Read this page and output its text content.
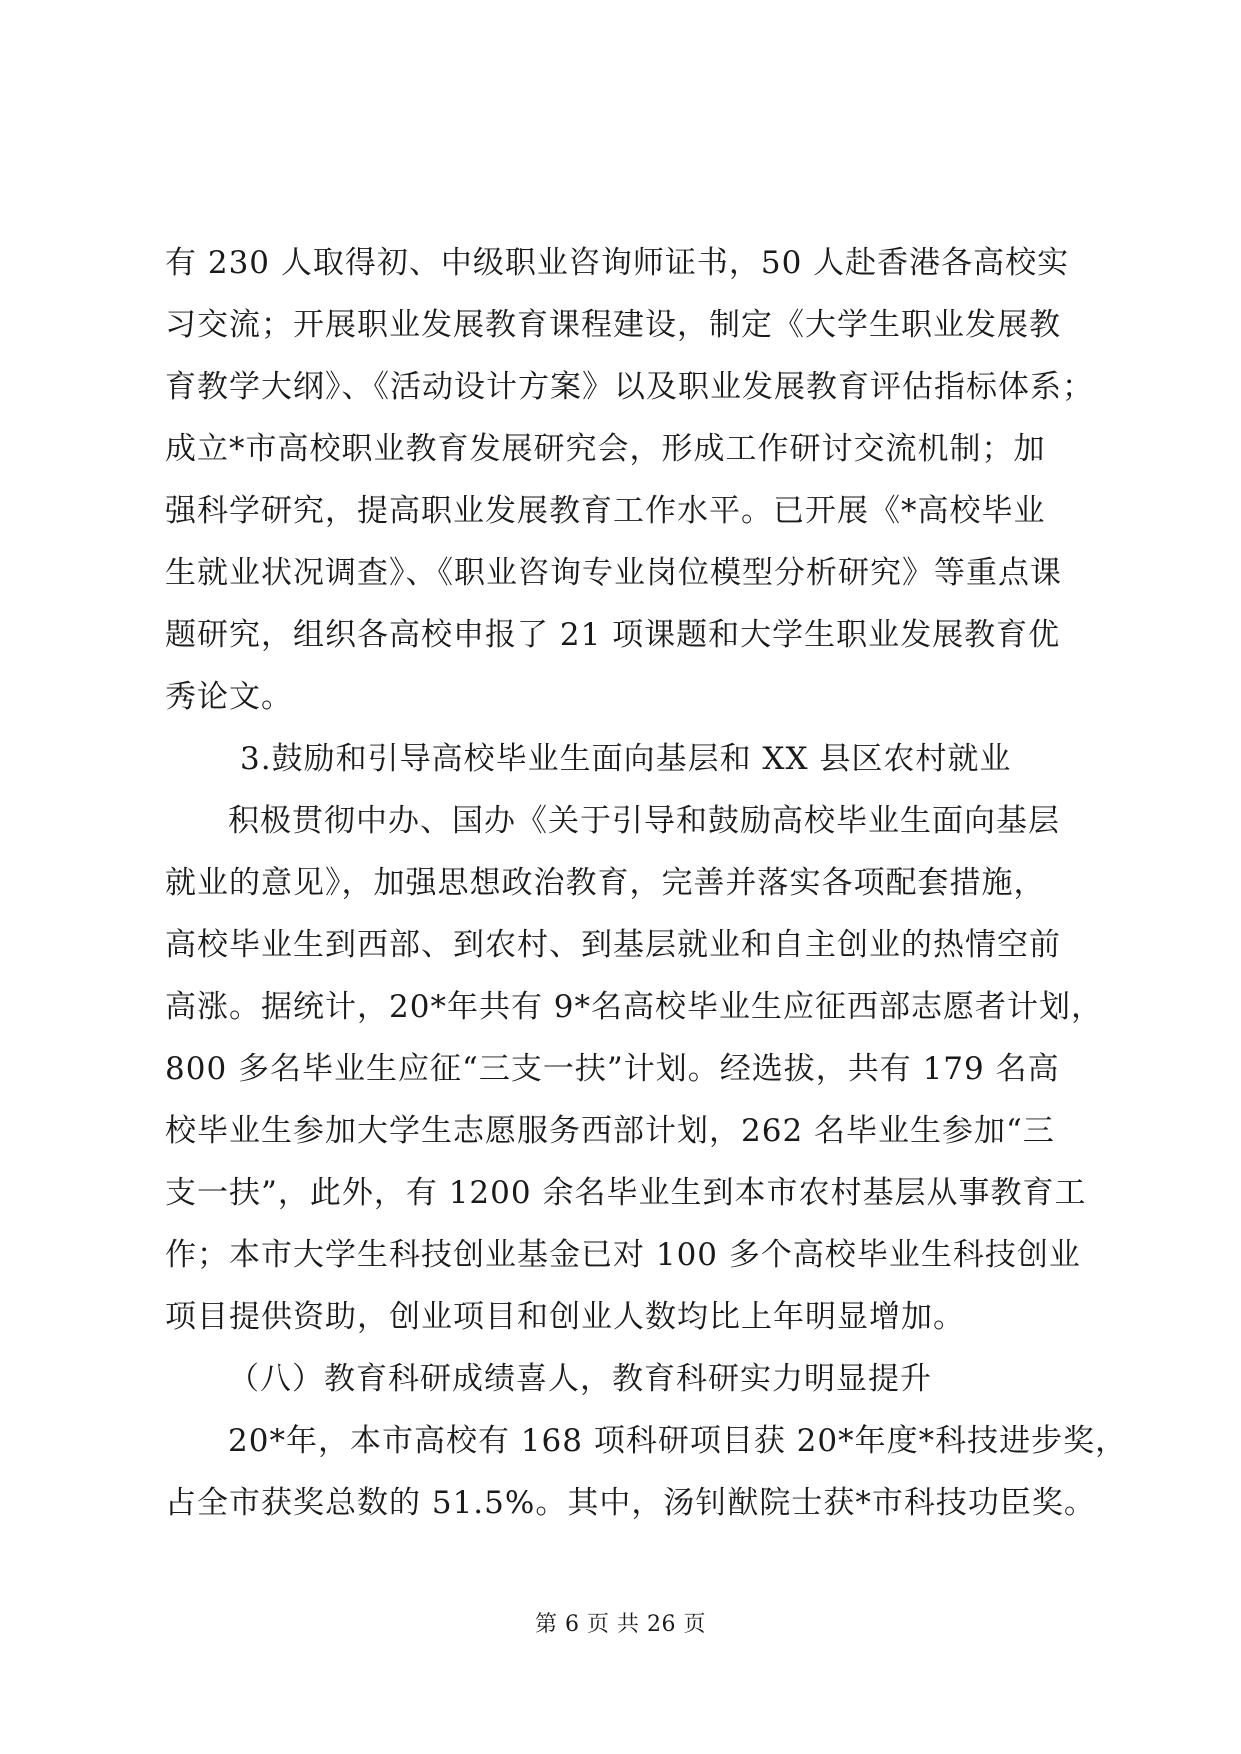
有 230 人取得初、中级职业咨询师证书，50 人赴香港各高校实
习交流；开展职业发展教育课程建设，制定《大学生职业发展教
育教学大纲》、《活动设计方案》以及职业发展教育评估指标体系；
成立*市高校职业教育发展研究会，形成工作研讨交流机制；加
强科学研究，提高职业发展教育工作水平。已开展《*高校毕业
生就业状况调查》、《职业咨询专业岗位模型分析研究》等重点课
题研究，组织各高校申报了 21 项课题和大学生职业发展教育优
秀论文。
3.鼓励和引导高校毕业生面向基层和 XX 县区农村就业
积极贯彻中办、国办《关于引导和鼓励高校毕业生面向基层
就业的意见》，加强思想政治教育，完善并落实各项配套措施，
高校毕业生到西部、到农村、到基层就业和自主创业的热情空前
高涨。据统计，20*年共有 9*名高校毕业生应征西部志愿者计划，
800 多名毕业生应征“三支一扶”计划。经选拔，共有 179 名高
校毕业生参加大学生志愿服务西部计划，262 名毕业生参加“三
支一扶”，此外，有 1200 余名毕业生到本市农村基层从事教育工
作；本市大学生科技创业基金已对 100 多个高校毕业生科技创业
项目提供资助，创业项目和创业人数均比上年明显增加。
（八）教育科研成绩喜人，教育科研实力明显提升
20*年，本市高校有 168 项科研项目获 20*年度*科技进步奖，
占全市获奖总数的 51.5%。其中，汤钊猷院士获*市科技功臣奖。
第 6 页 共 26 页
